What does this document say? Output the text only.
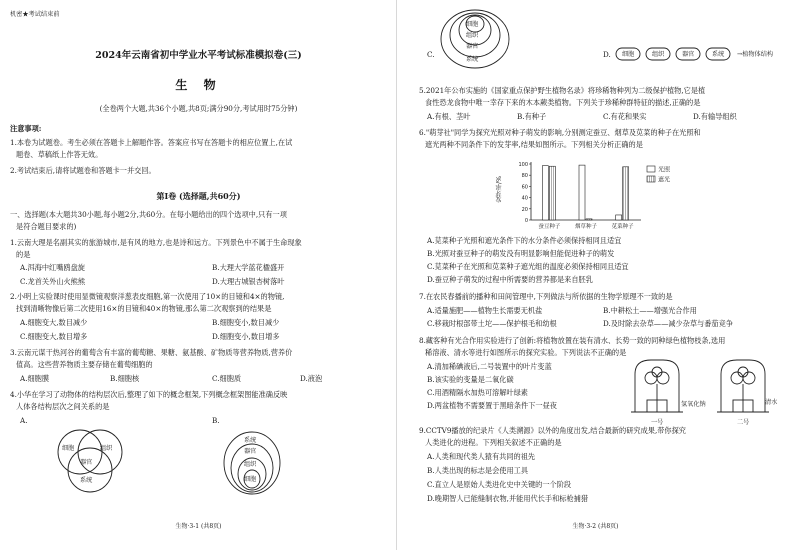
机密★考试结束前
2024年云南省初中学业水平考试标准模拟卷(三)
生 物
(全卷两个大题,共36个小题,共8页;满分90分,考试用时75分钟)
注意事项:
1.本卷为试题卷。考生必须在答题卡上解题作答。答案应书写在答题卡的相应位置上,在试
题卷、草稿纸上作答无效。
2.考试结束后,请将试题卷和答题卡一并交回。
第Ⅰ卷 (选择题,共60分)
一、选择题(本大题共30小题,每小题2分,共60分。在每小题给出的四个选项中,只有一项
是符合题目要求的)
1.云南大理是名副其实的旅游城市,是有风的地方,也是诗和远方。下列景色中不属于生命现象
的是
A.洱海中红嘴鸥盘旋	B.大理大学蓝花楹盛开
C.龙首关外山火熊熊	D.大理古城银杏树落叶
2.小明上实验课时使用显微镜观察洋葱表皮细胞,第一次使用了10×的目镜和4×的物镜,
找到清晰物像后第二次使用16×的目镜和40×的物镜,那么第二次观察到的结果是
A.细胞变大,数目减少	B.细胞变小,数目减少
C.细胞变大,数目增多	D.细胞变小,数目增多
3.云南元谋干热河谷的葡萄含有丰富的葡萄糖、果糖、氨基酸、矿物质等营养物质,营养价
值高。这些营养物质主要存储在葡萄细胞的
A.细胞膜	B.细胞核	C.细胞质	D.液泡
4.小华在学习了动物体的结构层次后,整理了如下的概念框架,下列概念框架图能准确反映
人体各结构层次之间关系的是
A.	B.
细胞	组织
器官
系统
系统
器官
组织
细胞
生物·3-1 (共8页)
C.
细胞
组织
器官
系统
D. 细胞	组织	器官	系统 →植物体结构
5.2021年公布实施的《国家重点保护野生植物名录》将珍稀物种列为二级保护植物,它是植
食性恐龙食物中唯一幸存下来的木本蕨类植物。下列关于珍稀种群特征的描述,正确的是
A.有根、茎叶	B.有种子	C.有花和果实	D.有输导组织
6."萌芽社"同学为探究光照对种子萌发的影响,分别测定蚕豆、烟草及苋菜的种子在光照和
遮光两种不同条件下的发芽率,结果如图所示。下列相关分析正确的是
0
20
40
60
80
100
蚕豆种子	烟草种子	苋菜种子
光照
遮光
发芽率/%
A.苋菜种子光照和遮光条件下的水分条件必须保持相同且适宜
B.光照对蚕豆种子的萌发没有明显影响但能促进种子的萌发
C.苋菜种子在光照和苋菜种子遮光组的温度必须保持相同且适宜
D.蚕豆种子萌发的过程中所需要的营养都是来自胚乳
7.在农民春播前的播种和田间管理中,下列做法与所依据的生物学原理不一致的是
A.适量施肥——植物生长需要无机盐	B.中耕松土——增强光合作用
C.移栽时根部带土坨——保护根毛和幼根	D.及时除去杂草——减少杂草与番茄竞争
8.藏客种有光合作用实验进行了创新:将植物放置在装有清水、长势一致的同种绿色植物枝条,选用
稀溶液、清水等进行如图所示的探究实验。下列说法不正确的是
A.清加稀碘液后,二号装置中的叶片变蓝
B.该实验的变量是二氧化碳
C.用酒精隔水加热可溶解叶绿素
D.两盆植物不需要置于黑暗条件下一昼夜
一号	二号
氢氧化钠	清水
9.CCTV9播放的纪录片《人类溯源》以外的角度出发,结合最新的研究成果,带你探究
人类进化的进程。下列相关叙述不正确的是
A.人类和现代类人猿有共同的祖先
B.人类出现的标志是会使用工具
C.直立人是原始人类进化史中关键的一个阶段
D.晚期智人已能缝制衣物,并能用代长手和标枪捕猎
生物·3-2 (共8页)
